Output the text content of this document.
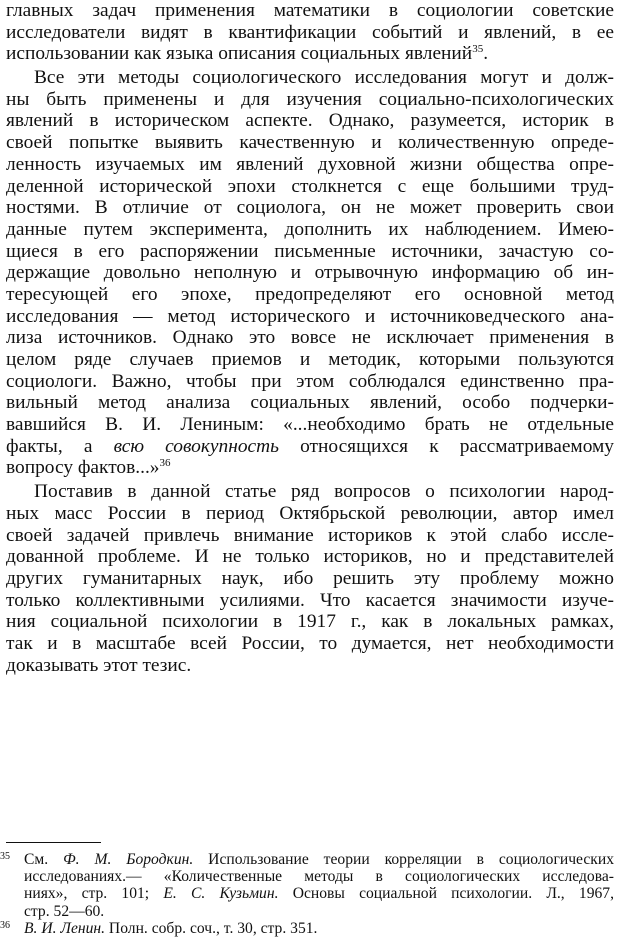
главных задач применения математики в социологии советские
исследователи видят в квантификации событий и явлений, в ее
использовании как языка описания социальных явлений$^{35}$.
Все эти методы социологического исследования могут и долж-
ны быть применены и для изучения социально-психологических
явлений в историческом аспекте. Однако, разумеется, историк в
своей попытке выявить качественную и количественную опреде-
ленность изучаемых им явлений духовной жизни общества опре-
деленной исторической эпохи столкнется с еще большими труд-
ностями. В отличие от социолога, он не может проверить свои
данные путем эксперимента, дополнить их наблюдением. Имею-
щиеся в его распоряжении письменные источники, зачастую со-
держащие довольно неполную и отрывочную информацию об ин-
тересующей его эпохе, предопределяют его основной метод
исследования — метод исторического и источниковедческого ана-
лиза источников. Однако это вовсе не исключает применения в
целом ряде случаев приемов и методик, которыми пользуются
социологи. Важно, чтобы при этом соблюдался единственно пра-
вильный метод анализа социальных явлений, особо подчерки-
вавшийся В. И. Лениным: «...необходимо брать не отдельные
факты, а всю совокупность относящихся к рассматриваемому
вопросу фактов...»$^{36}$
Поставив в данной статье ряд вопросов о психологии народ-
ных масс России в период Октябрьской революции, автор имел
своей задачей привлечь внимание историков к этой слабо иссле-
дованной проблеме. И не только историков, но и представителей
других гуманитарных наук, ибо решить эту проблему можно
только коллективными усилиями. Что касается значимости изуче-
ния социальной психологии в 1917 г., как в локальных рамках,
так и в масштабе всей России, то думается, нет необходимости
доказывать этот тезис.
35 См. Ф. М. Бородкин. Использование теории корреляции в социологических
исследованиях.— «Количественные методы в социологических исследова-
ниях», стр. 101; Е. С. Кузьмин. Основы социальной психологии. Л., 1967,
стр. 52—60.
36 В. И. Ленин. Полн. собр. соч., т. 30, стр. 351.
